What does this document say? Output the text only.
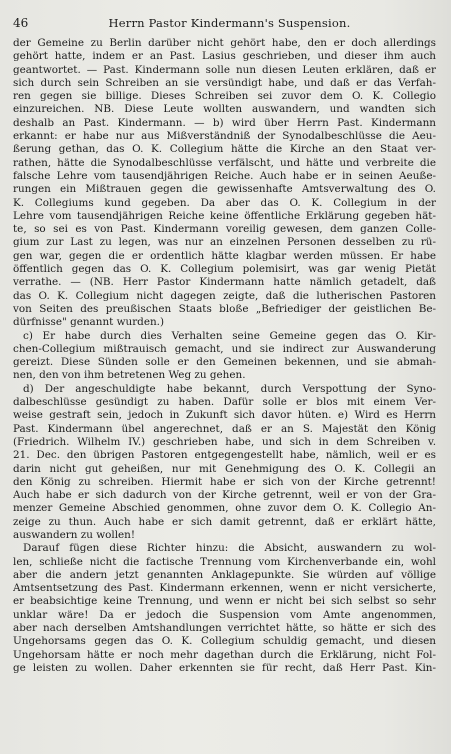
46	Herrn Pastor Kindermann's Suspension.
der Gemeine zu Berlin darüber nicht gehört habe, den er doch allerdings
gehört hatte, indem er an Past. Lasius geschrieben, und dieser ihm auch
geantwortet. — Past. Kindermann solle nun diesen Leuten erklären, daß er
sich durch sein Schreiben an sie versündigt habe, und daß er das Verfah-
ren gegen sie billige. Dieses Schreiben sei zuvor dem O. K. Collegio
einzureichen. NB. Diese Leute wollten auswandern, und wandten sich
deshalb an Past. Kindermann. — b) wird über Herrn Past. Kindermann
erkannt: er habe nur aus Mißverständniß der Synodalbeschlüsse die Aeu-
ßerung gethan, das O. K. Collegium hätte die Kirche an den Staat ver-
rathen, hätte die Synodalbeschlüsse verfälscht, und hätte und verbreite die
falsche Lehre vom tausendjährigen Reiche. Auch habe er in seinen Aeuße-
rungen ein Mißtrauen gegen die gewissenhafte Amtsverwaltung des O.
K. Collegiums kund gegeben. Da aber das O. K. Collegium in der
Lehre vom tausendjährigen Reiche keine öffentliche Erklärung gegeben hät-
te, so sei es von Past. Kindermann voreilig gewesen, dem ganzen Colle-
gium zur Last zu legen, was nur an einzelnen Personen desselben zu rü-
gen war, gegen die er ordentlich hätte klagbar werden müssen. Er habe
öffentlich gegen das O. K. Collegium polemisirt, was gar wenig Pietät
verrathe. — (NB. Herr Pastor Kindermann hatte nämlich getadelt, daß
das O. K. Collegium nicht dagegen zeigte, daß die lutherischen Pastoren
von Seiten des preußischen Staats bloße „Befriediger der geistlichen Be-
dürfnisse" genannt wurden.)
c) Er habe durch dies Verhalten seine Gemeine gegen das O. Kir-
chen-Collegium mißtrauisch gemacht, und sie indirect zur Auswanderung
gereizt. Diese Sünden solle er den Gemeinen bekennen, und sie abmah-
nen, den von ihm betretenen Weg zu gehen.
d) Der angeschuldigte habe bekannt, durch Verspottung der Syno-
dalbeschlüsse gesündigt zu haben. Dafür solle er blos mit einem Ver-
weise gestraft sein, jedoch in Zukunft sich davor hüten. e) Wird es Herrn
Past. Kindermann übel angerechnet, daß er an S. Majestät den König
(Friedrich. Wilhelm IV.) geschrieben habe, und sich in dem Schreiben v.
21. Dec. den übrigen Pastoren entgegengestellt habe, nämlich, weil er es
darin nicht gut geheißen, nur mit Genehmigung des O. K. Collegii an
den König zu schreiben. Hiermit habe er sich von der Kirche getrennt!
Auch habe er sich dadurch von der Kirche getrennt, weil er von der Gra-
menzer Gemeine Abschied genommen, ohne zuvor dem O. K. Collegio An-
zeige zu thun. Auch habe er sich damit getrennt, daß er erklärt hätte,
auswandern zu wollen!
Darauf fügen diese Richter hinzu: die Absicht, auswandern zu wol-
len, schließe nicht die factische Trennung vom Kirchenverbande ein, wohl
aber die andern jetzt genannten Anklagepunkte. Sie würden auf völlige
Amtsentsetzung des Past. Kindermann erkennen, wenn er nicht versicherte,
er beabsichtige keine Trennung, und wenn er nicht bei sich selbst so sehr
unklar wäre! Da er jedoch die Suspension vom Amte angenommen,
aber nach derselben Amtshandlungen verrichtet hätte, so hätte er sich des
Ungehorsams gegen das O. K. Collegium schuldig gemacht, und diesen
Ungehorsam hätte er noch mehr dagethan durch die Erklärung, nicht Fol-
ge leisten zu wollen. Daher erkennten sie für recht, daß Herr Past. Kin-
